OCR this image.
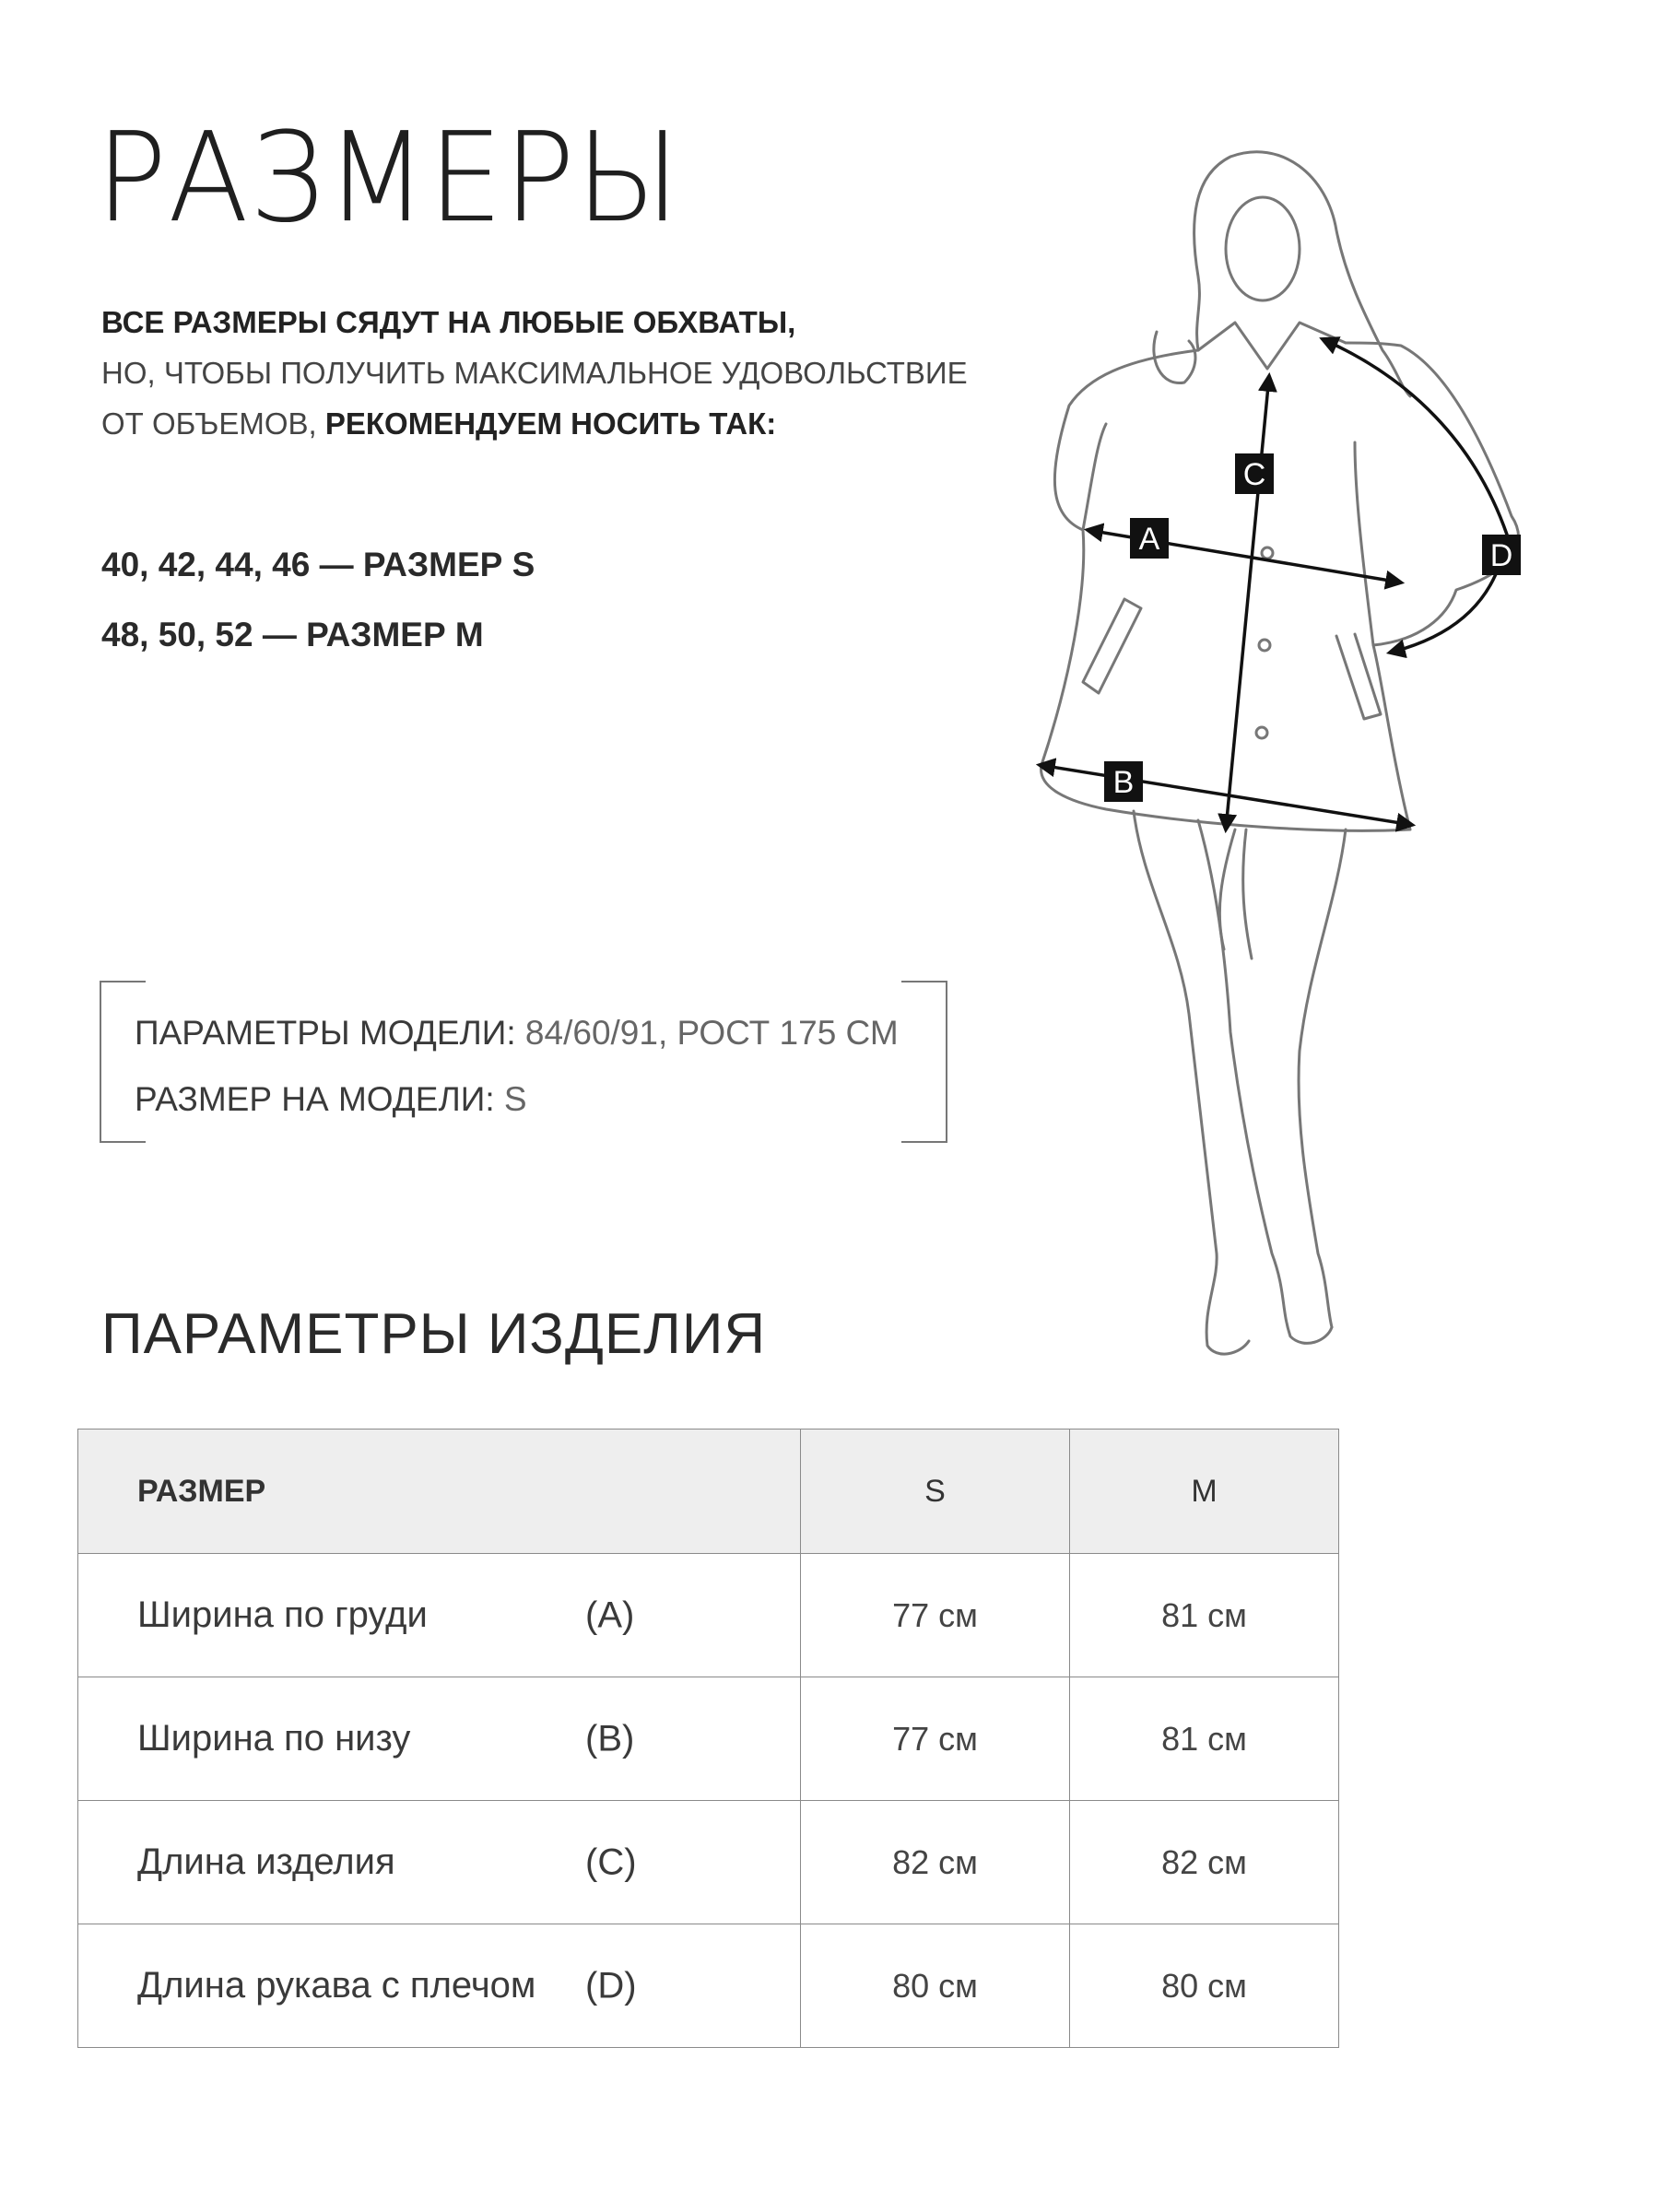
РАЗМЕРЫ
ВСЕ РАЗМЕРЫ СЯДУТ НА ЛЮБЫЕ ОБХВАТЫ,
НО, ЧТОБЫ ПОЛУЧИТЬ МАКСИМАЛЬНОЕ УДОВОЛЬСТВИЕ
ОТ ОБЪЕМОВ, РЕКОМЕНДУЕМ НОСИТЬ ТАК:
40, 42, 44, 46 — РАЗМЕР S
48, 50, 52 — РАЗМЕР M
ПАРАМЕТРЫ МОДЕЛИ: 84/60/91, РОСТ 175 СМ
РАЗМЕР НА МОДЕЛИ: S
ПАРАМЕТРЫ ИЗДЕЛИЯ
РАЗМЕР	S	M
Ширина по груди (A)	77 см	81 см
Ширина по низу (B)	77 см	81 см
Длина изделия (C)	82 см	82 см
Длина рукава с плечом (D)	80 см	80 см
A
B
C
D
